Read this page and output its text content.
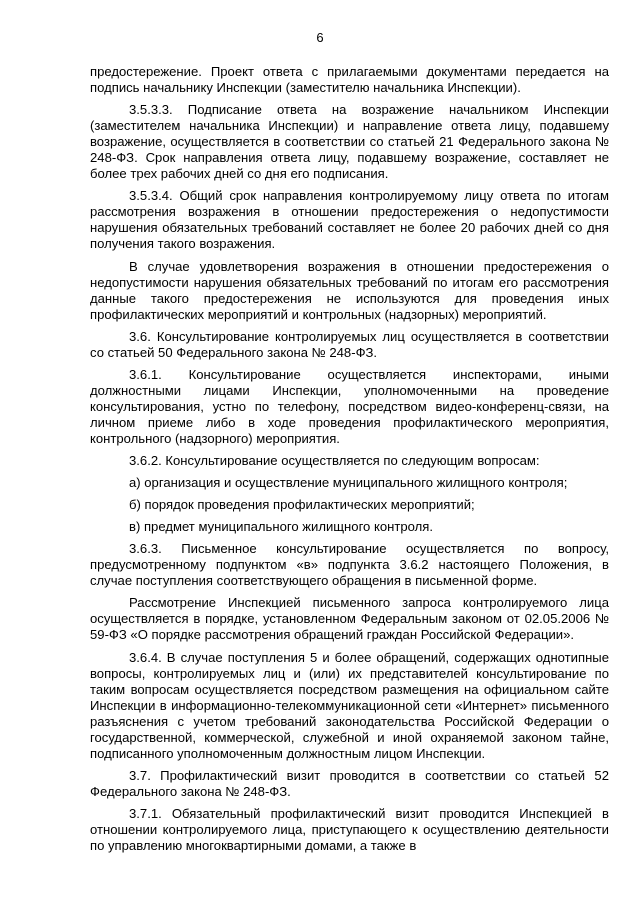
6

предостережение. Проект ответа с прилагаемыми документами передается на подпись начальнику Инспекции (заместителю начальника Инспекции).

3.5.3.3. Подписание ответа на возражение начальником Инспекции (заместителем начальника Инспекции) и направление ответа лицу, подавшему возражение, осуществляется в соответствии со статьей 21 Федерального закона № 248-ФЗ. Срок направления ответа лицу, подавшему возражение, составляет не более трех рабочих дней со дня его подписания.

3.5.3.4. Общий срок направления контролируемому лицу ответа по итогам рассмотрения возражения в отношении предостережения о недопустимости нарушения обязательных требований составляет не более 20 рабочих дней со дня получения такого возражения.

В случае удовлетворения возражения в отношении предостережения о недопустимости нарушения обязательных требований по итогам его рассмотрения данные такого предостережения не используются для проведения иных профилактических мероприятий и контрольных (надзорных) мероприятий.

3.6. Консультирование контролируемых лиц осуществляется в соответствии со статьей 50 Федерального закона № 248-ФЗ.

3.6.1. Консультирование осуществляется инспекторами, иными должностными лицами Инспекции, уполномоченными на проведение консультирования, устно по телефону, посредством видео-конференц-связи, на личном приеме либо в ходе проведения профилактического мероприятия, контрольного (надзорного) мероприятия.

3.6.2. Консультирование осуществляется по следующим вопросам:

а) организация и осуществление муниципального жилищного контроля;

б) порядок проведения профилактических мероприятий;

в) предмет муниципального жилищного контроля.

3.6.3. Письменное консультирование осуществляется по вопросу, предусмотренному подпунктом «в» подпункта 3.6.2 настоящего Положения, в случае поступления соответствующего обращения в письменной форме.

Рассмотрение Инспекцией письменного запроса контролируемого лица осуществляется в порядке, установленном Федеральным законом от 02.05.2006 № 59-ФЗ «О порядке рассмотрения обращений граждан Российской Федерации».

3.6.4. В случае поступления 5 и более обращений, содержащих однотипные вопросы, контролируемых лиц и (или) их представителей консультирование по таким вопросам осуществляется посредством размещения на официальном сайте Инспекции в информационно-телекоммуникационной сети «Интернет» письменного разъяснения с учетом требований законодательства Российской Федерации о государственной, коммерческой, служебной и иной охраняемой законом тайне, подписанного уполномоченным должностным лицом Инспекции.

3.7. Профилактический визит проводится в соответствии со статьей 52 Федерального закона № 248-ФЗ.

3.7.1. Обязательный профилактический визит проводится Инспекцией в отношении контролируемого лица, приступающего к осуществлению деятельности по управлению многоквартирными домами, а также в
